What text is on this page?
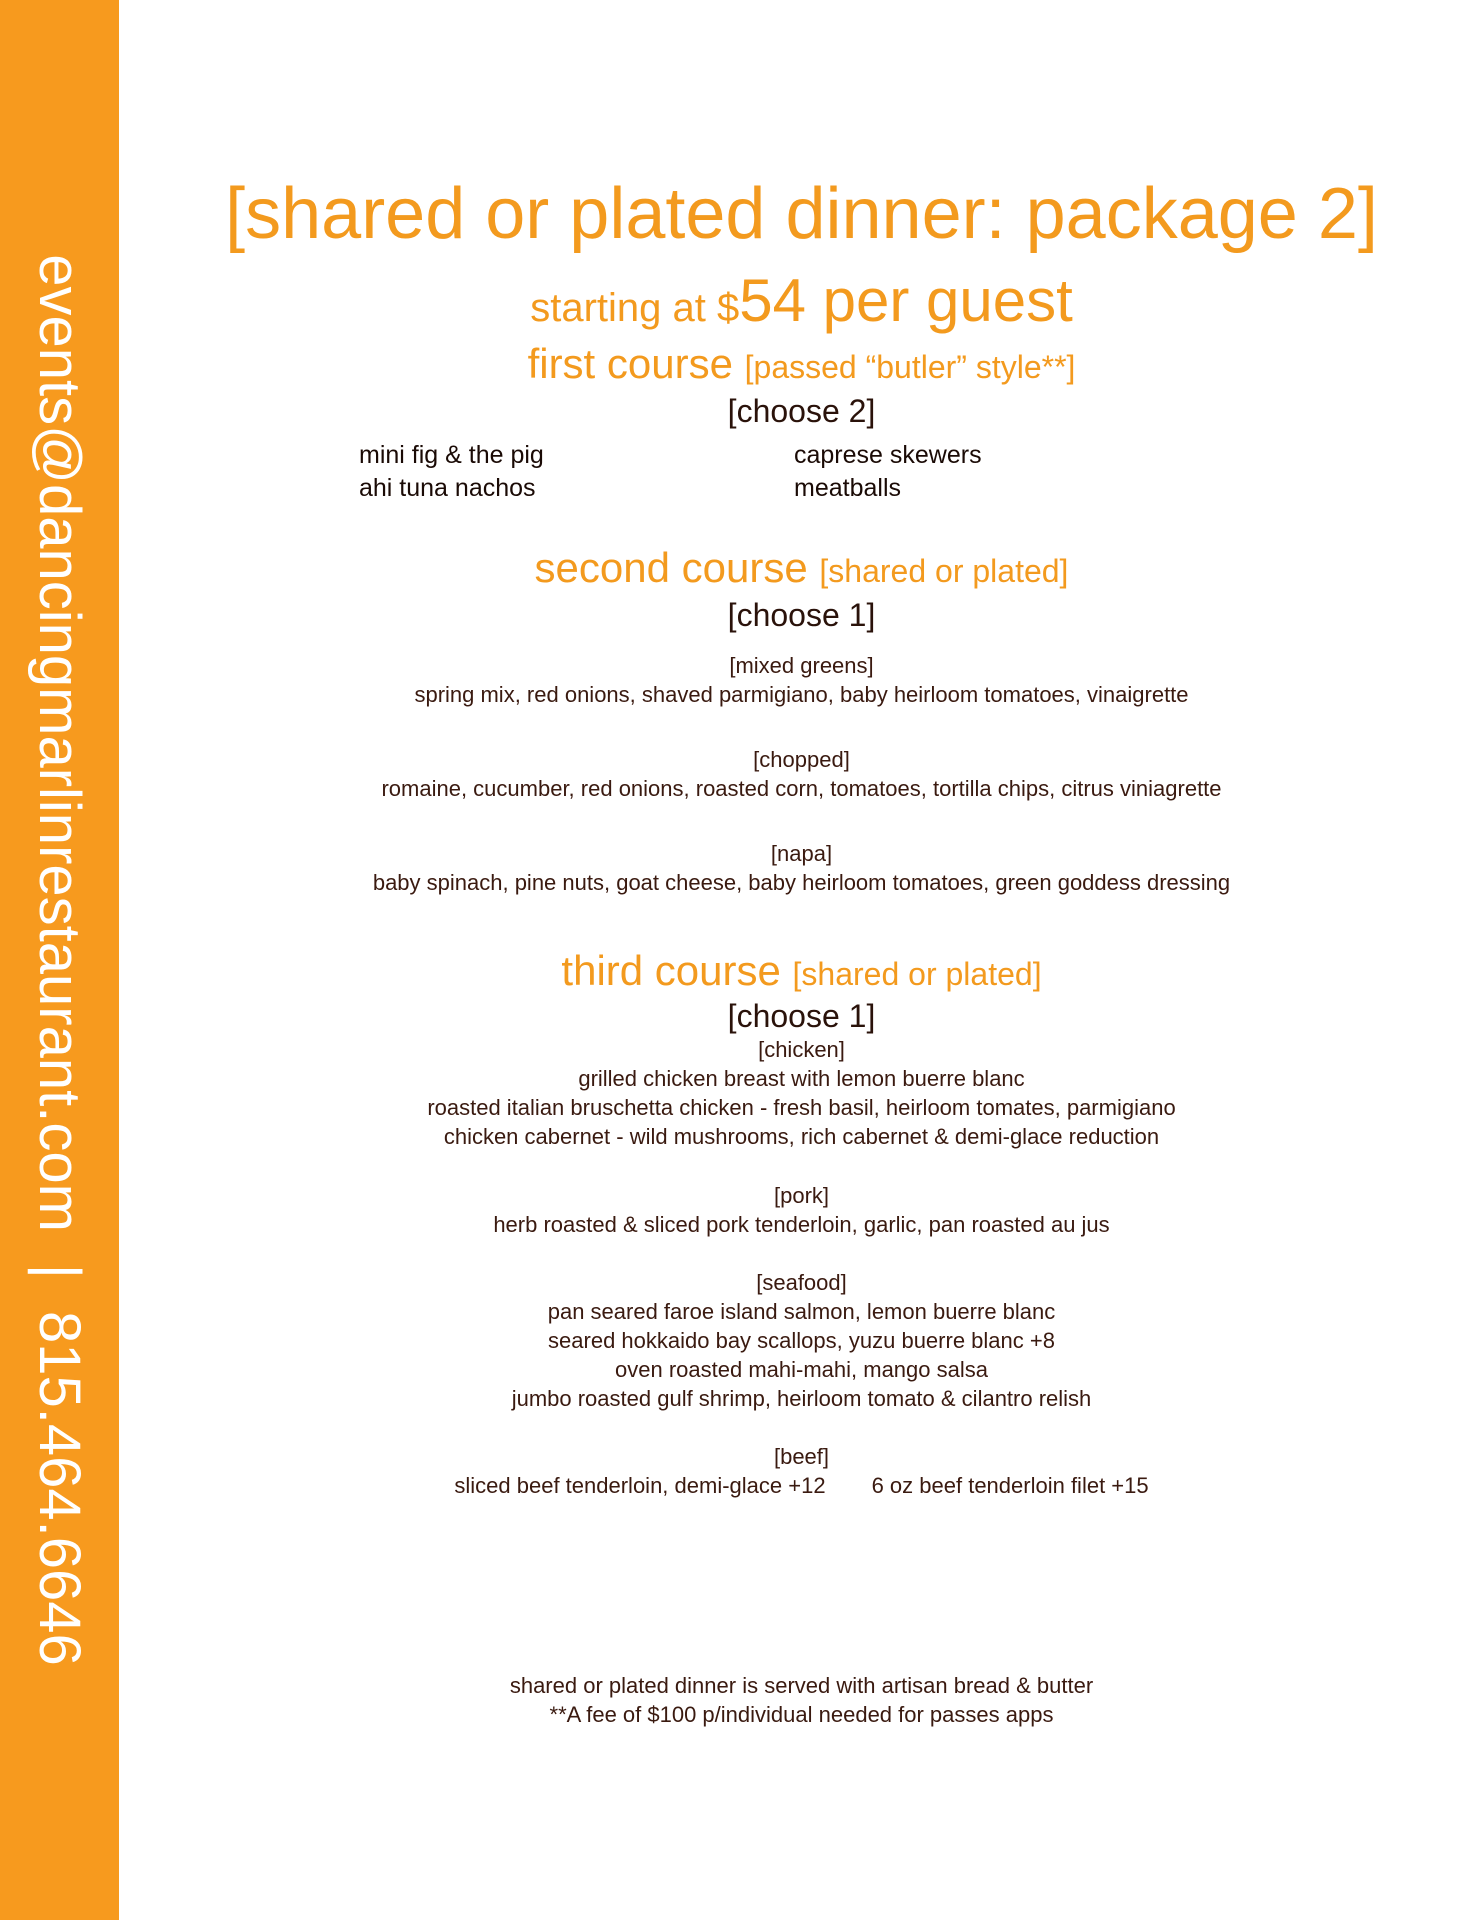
events@dancingmarlinrestaurant.com|815.464.6646
[shared or plated dinner: package 2]
starting at $54 per guest
first course [passed “butler” style**]
[choose 2]
mini fig & the pig
ahi tuna nachos
caprese skewers
meatballs
second course [shared or plated]
[choose 1]
[mixed greens]
spring mix, red onions, shaved parmigiano, baby heirloom tomatoes, vinaigrette
[chopped]
romaine, cucumber, red onions, roasted corn, tomatoes, tortilla chips, citrus viniagrette
[napa]
baby spinach, pine nuts, goat cheese, baby heirloom tomatoes, green goddess dressing
third course [shared or plated]
[choose 1]
[chicken]
grilled chicken breast with lemon buerre blanc
roasted italian bruschetta chicken - fresh basil, heirloom tomates, parmigiano
chicken cabernet - wild mushrooms, rich cabernet & demi-glace reduction
[pork]
herb roasted & sliced pork tenderloin, garlic, pan roasted au jus
[seafood]
pan seared faroe island salmon, lemon buerre blanc
seared hokkaido bay scallops, yuzu buerre blanc +8
oven roasted mahi-mahi, mango salsa
jumbo roasted gulf shrimp, heirloom tomato & cilantro relish
[beef]
sliced beef tenderloin, demi-glace +12 6 oz beef tenderloin filet +15
shared or plated dinner is served with artisan bread & butter
**A fee of $100 p/individual needed for passes apps
